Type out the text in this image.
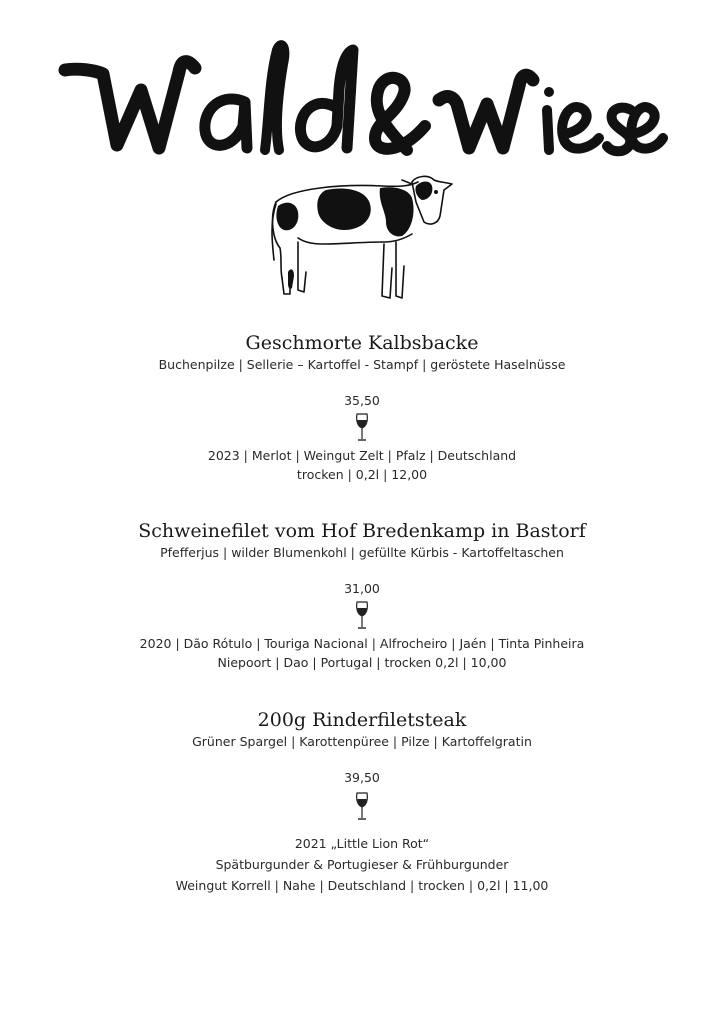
Geschmorte Kalbsbacke
Buchenpilze | Sellerie – Kartoffel - Stampf | geröstete Haselnüsse
35,50
2023 | Merlot | Weingut Zelt | Pfalz | Deutschland
trocken | 0,2l | 12,00
Schweinefilet vom Hof Bredenkamp in Bastorf
Pfefferjus | wilder Blumenkohl | gefüllte Kürbis - Kartoffeltaschen
31,00
2020 | Dão Rótulo | Touriga Nacional | Alfrocheiro | Jaén | Tinta Pinheira
Niepoort | Dao | Portugal | trocken 0,2l | 10,00
200g Rinderfiletsteak
Grüner Spargel | Karottenpüree | Pilze | Kartoffelgratin
39,50
2021 „Little Lion Rot“
Spätburgunder & Portugieser & Frühburgunder
Weingut Korrell | Nahe | Deutschland | trocken | 0,2l | 11,00
